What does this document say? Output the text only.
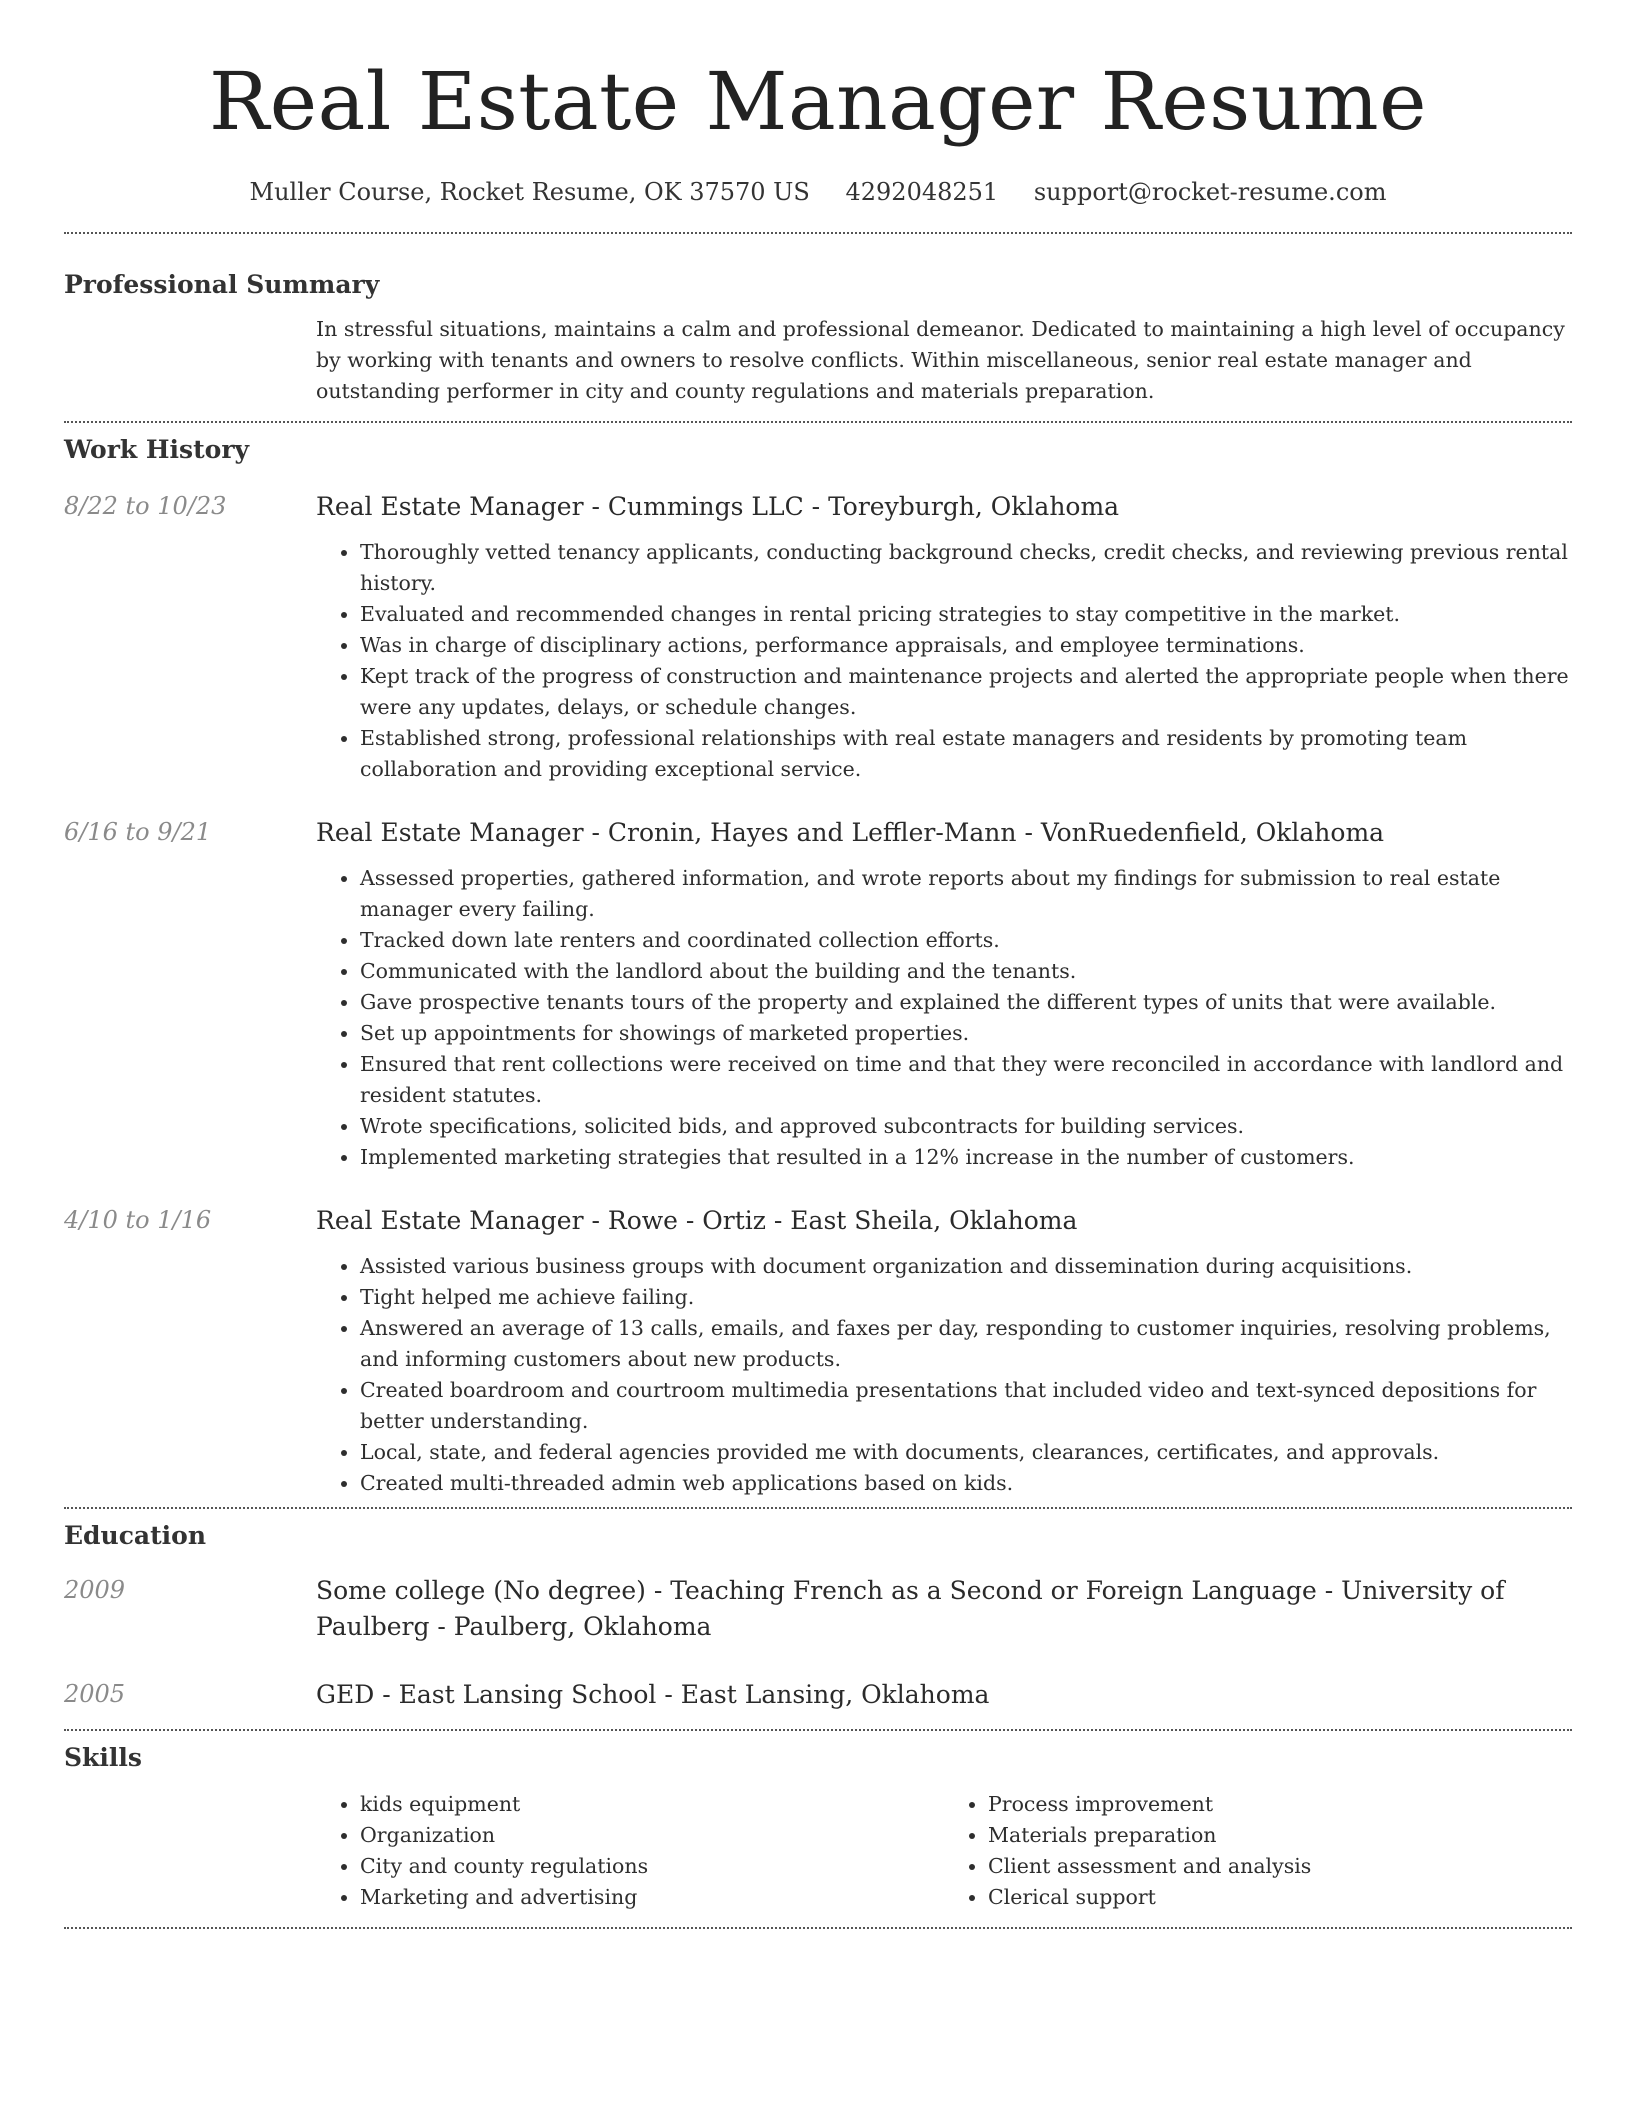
Real Estate Manager Resume
Muller Course, Rocket Resume, OK 37570 US 4292048251 support@rocket-resume.com
Professional Summary
In stressful situations, maintains a calm and professional demeanor. Dedicated to maintaining a high level of occupancy by working with tenants and owners to resolve conflicts. Within miscellaneous, senior real estate manager and outstanding performer in city and county regulations and materials preparation.
Work History
8/22 to 10/23	Real Estate Manager - Cummings LLC - Toreyburgh, Oklahoma
• Thoroughly vetted tenancy applicants, conducting background checks, credit checks, and reviewing previous rental history.
• Evaluated and recommended changes in rental pricing strategies to stay competitive in the market.
• Was in charge of disciplinary actions, performance appraisals, and employee terminations.
• Kept track of the progress of construction and maintenance projects and alerted the appropriate people when there were any updates, delays, or schedule changes.
• Established strong, professional relationships with real estate managers and residents by promoting team collaboration and providing exceptional service.
6/16 to 9/21	Real Estate Manager - Cronin, Hayes and Leffler-Mann - VonRuedenfield, Oklahoma
• Assessed properties, gathered information, and wrote reports about my findings for submission to real estate manager every failing.
• Tracked down late renters and coordinated collection efforts.
• Communicated with the landlord about the building and the tenants.
• Gave prospective tenants tours of the property and explained the different types of units that were available.
• Set up appointments for showings of marketed properties.
• Ensured that rent collections were received on time and that they were reconciled in accordance with landlord and resident statutes.
• Wrote specifications, solicited bids, and approved subcontracts for building services.
• Implemented marketing strategies that resulted in a 12% increase in the number of customers.
4/10 to 1/16	Real Estate Manager - Rowe - Ortiz - East Sheila, Oklahoma
• Assisted various business groups with document organization and dissemination during acquisitions.
• Tight helped me achieve failing.
• Answered an average of 13 calls, emails, and faxes per day, responding to customer inquiries, resolving problems, and informing customers about new products.
• Created boardroom and courtroom multimedia presentations that included video and text-synced depositions for better understanding.
• Local, state, and federal agencies provided me with documents, clearances, certificates, and approvals.
• Created multi-threaded admin web applications based on kids.
Education
2009	Some college (No degree) - Teaching French as a Second or Foreign Language - University of Paulberg - Paulberg, Oklahoma
2005	GED - East Lansing School - East Lansing, Oklahoma
Skills
• kids equipment
• Organization
• City and county regulations
• Marketing and advertising
• Process improvement
• Materials preparation
• Client assessment and analysis
• Clerical support
